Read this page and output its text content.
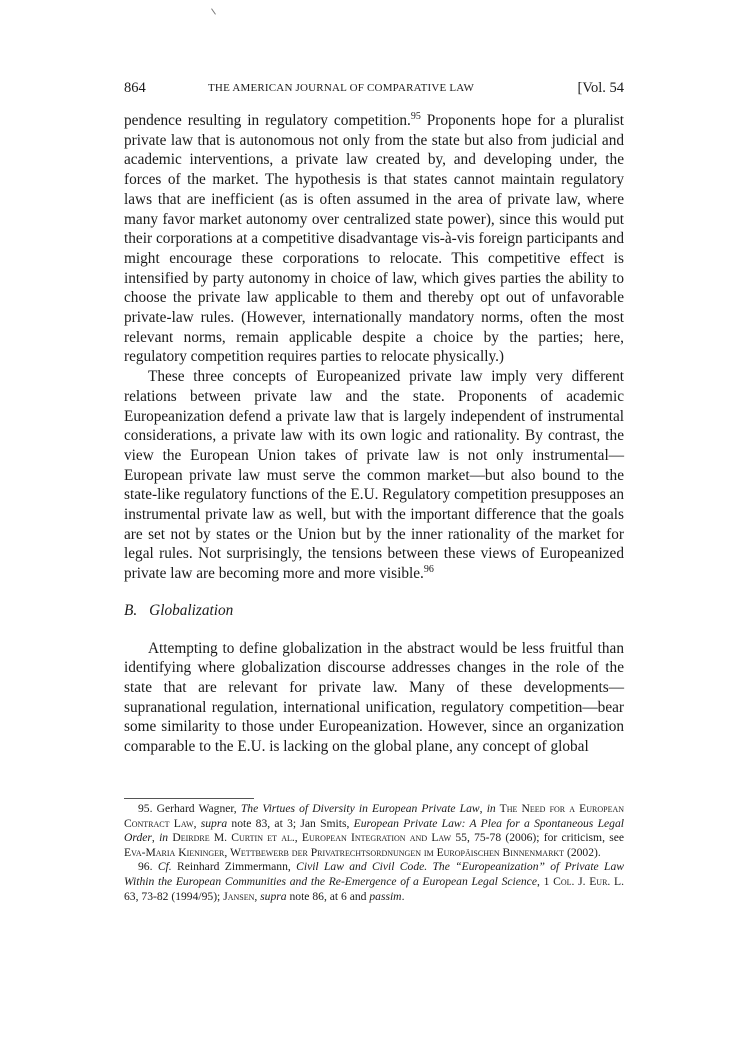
864	THE AMERICAN JOURNAL OF COMPARATIVE LAW	[Vol. 54

pendence resulting in regulatory competition.$^{95}$ Proponents hope for a pluralist private law that is autonomous not only from the state but also from judicial and academic interventions, a private law created by, and developing under, the forces of the market. The hypothesis is that states cannot maintain regulatory laws that are inefficient (as is often assumed in the area of private law, where many favor market autonomy over centralized state power), since this would put their corporations at a competitive disadvantage vis-à-vis foreign participants and might encourage these corporations to relocate. This competitive effect is intensified by party autonomy in choice of law, which gives parties the ability to choose the private law applicable to them and thereby opt out of unfavorable private-law rules. (However, internationally mandatory norms, often the most relevant norms, remain applicable despite a choice by the parties; here, regulatory competition requires parties to relocate physically.)

These three concepts of Europeanized private law imply very different relations between private law and the state. Proponents of academic Europeanization defend a private law that is largely independent of instrumental considerations, a private law with its own logic and rationality. By contrast, the view the European Union takes of private law is not only instrumental—European private law must serve the common market—but also bound to the state-like regulatory functions of the E.U. Regulatory competition presupposes an instrumental private law as well, but with the important difference that the goals are set not by states or the Union but by the inner rationality of the market for legal rules. Not surprisingly, the tensions between these views of Europeanized private law are becoming more and more visible.$^{96}$

B. Globalization

Attempting to define globalization in the abstract would be less fruitful than identifying where globalization discourse addresses changes in the role of the state that are relevant for private law. Many of these developments—supranational regulation, international unification, regulatory competition—bear some similarity to those under Europeanization. However, since an organization comparable to the E.U. is lacking on the global plane, any concept of global

95. Gerhard Wagner, The Virtues of Diversity in European Private Law, in The Need for a European Contract Law, supra note 83, at 3; Jan Smits, European Private Law: A Plea for a Spontaneous Legal Order, in Deirdre M. Curtin et al., European Integration and Law 55, 75-78 (2006); for criticism, see Eva-Maria Kieninger, Wettbewerb der Privatrechtsordnungen im Europäischen Binnenmarkt (2002).

96. Cf. Reinhard Zimmermann, Civil Law and Civil Code. The “Europeanization” of Private Law Within the European Communities and the Re-Emergence of a European Legal Science, 1 Col. J. Eur. L. 63, 73-82 (1994/95); Jansen, supra note 86, at 6 and passim.
